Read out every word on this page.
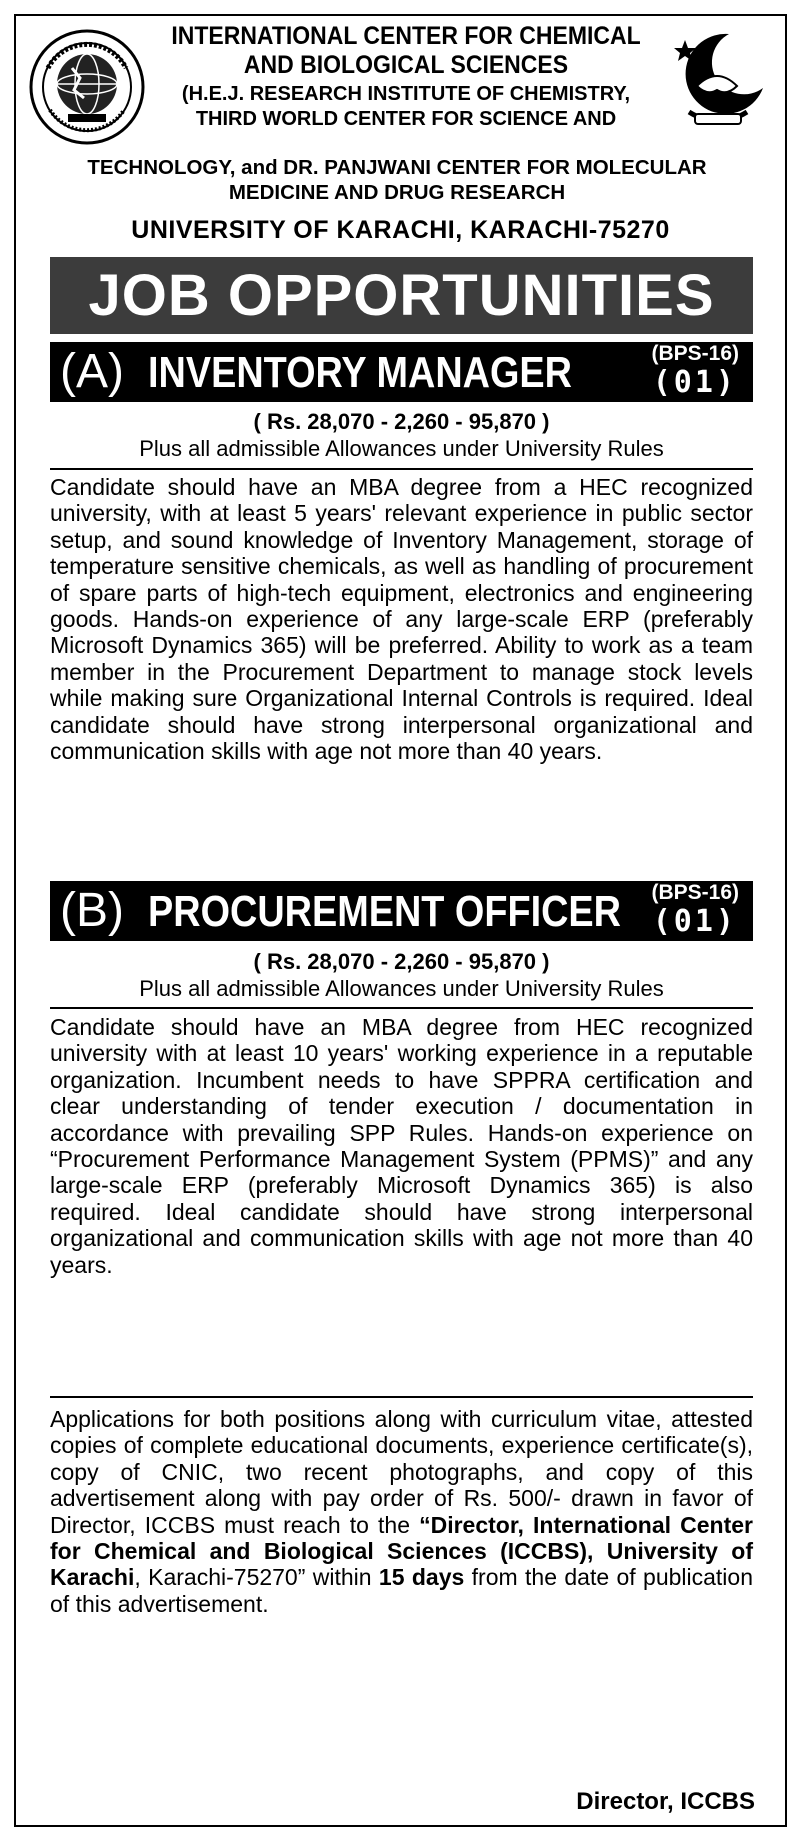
INTERNATIONAL CENTER FOR CHEMICAL

AND BIOLOGICAL SCIENCES

(H.E.J. RESEARCH INSTITUTE OF CHEMISTRY,

THIRD WORLD CENTER FOR SCIENCE AND

TECHNOLOGY, and DR. PANJWANI CENTER FOR MOLECULAR
MEDICINE AND DRUG RESEARCH
UNIVERSITY OF KARACHI, KARACHI-75270
JOB OPPORTUNITIES
(A) INVENTORY MANAGER	(BPS-16)
(01)
( Rs. 28,070 - 2,260 - 95,870 )
Plus all admissible Allowances under University Rules
Candidate should have an MBA degree from a HEC recognized university, with at least 5 years' relevant experience in public sector setup, and sound knowledge of Inventory Management, storage of temperature sensitive chemicals, as well as handling of procurement of spare parts of high-tech equipment, electronics and engineering goods. Hands-on experience of any large-scale ERP (preferably Microsoft Dynamics 365) will be preferred. Ability to work as a team member in the Procurement Department to manage stock levels while making sure Organizational Internal Controls is required. Ideal candidate should have strong interpersonal organizational and communication skills with age not more than 40 years.
(B) PROCUREMENT OFFICER (BPS-16)
(01)
( Rs. 28,070 - 2,260 - 95,870 )
Plus all admissible Allowances under University Rules
Candidate should have an MBA degree from HEC recognized university with at least 10 years' working experience in a reputable organization. Incumbent needs to have SPPRA certification and clear understanding of tender execution / documentation in accordance with prevailing SPP Rules. Hands-on experience on “Procurement Performance Management System (PPMS)” and any large-scale ERP (preferably Microsoft Dynamics 365) is also required. Ideal candidate should have strong interpersonal organizational and communication skills with age not more than 40 years.
Applications for both positions along with curriculum vitae, attested copies of complete educational documents, experience certificate(s), copy of CNIC, two recent photographs, and copy of this advertisement along with pay order of Rs. 500/- drawn in favor of Director, ICCBS must reach to the “Director, International Center for Chemical and Biological Sciences (ICCBS), University of Karachi, Karachi-75270” within 15 days from the date of publication of this advertisement.
Director, ICCBS
